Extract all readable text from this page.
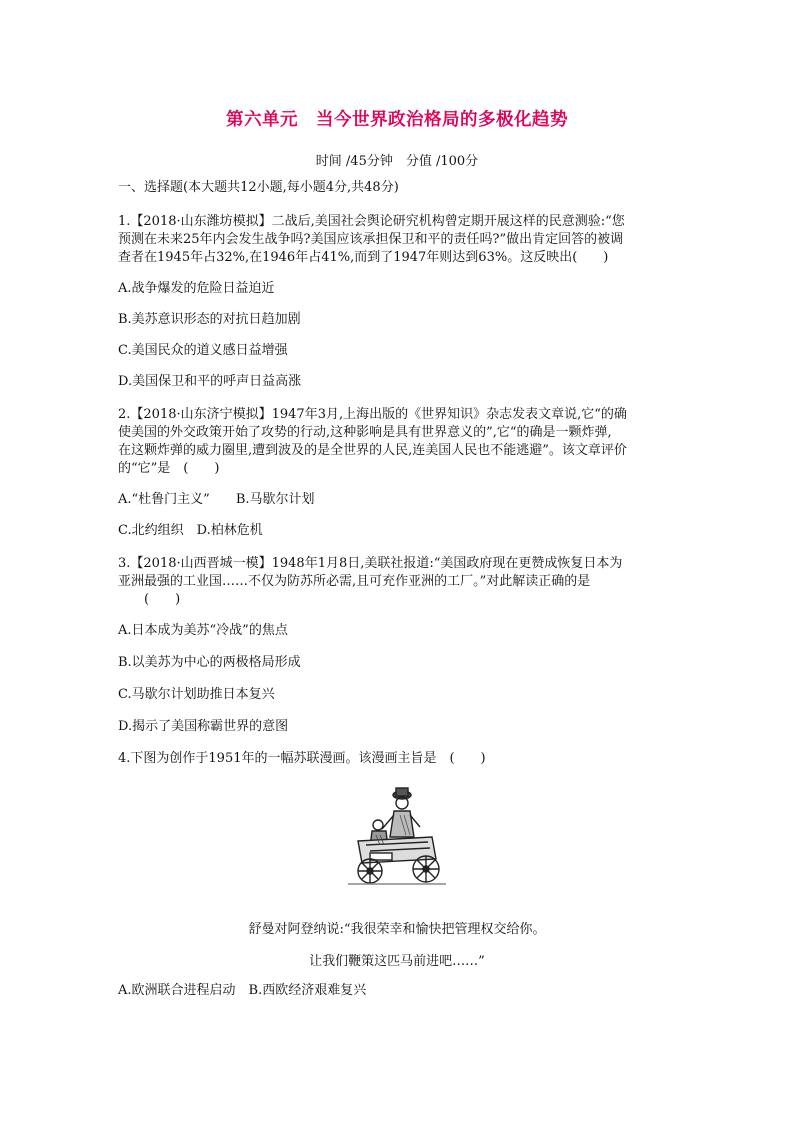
第六单元　当今世界政治格局的多极化趋势
时间 /45分钟　分值 /100分
一、选择题(本大题共12小题,每小题4分,共48分)
1.【2018·山东潍坊模拟】二战后,美国社会舆论研究机构曾定期开展这样的民意测验:“您
预测在未来25年内会发生战争吗?美国应该承担保卫和平的责任吗?”做出肯定回答的被调
查者在1945年占32%,在1946年占41%,而到了1947年则达到63%。这反映出(　　)
A.战争爆发的危险日益迫近
B.美苏意识形态的对抗日趋加剧
C.美国民众的道义感日益增强
D.美国保卫和平的呼声日益高涨
2.【2018·山东济宁模拟】1947年3月,上海出版的《世界知识》杂志发表文章说,它“的确
使美国的外交政策开始了攻势的行动,这种影响是具有世界意义的”,它“的确是一颗炸弹,
在这颗炸弹的威力圈里,遭到波及的是全世界的人民,连美国人民也不能逃避”。该文章评价
的“它”是　(　　)
A.“杜鲁门主义”　　B.马歇尔计划
C.北约组织　D.柏林危机
3.【2018·山西晋城一模】1948年1月8日,美联社报道:“美国政府现在更赞成恢复日本为
亚洲最强的工业国……不仅为防苏所必需,且可充作亚洲的工厂。”对此解读正确的是
　　(　　)
A.日本成为美苏“冷战”的焦点
B.以美苏为中心的两极格局形成
C.马歇尔计划助推日本复兴
D.揭示了美国称霸世界的意图
4.下图为创作于1951年的一幅苏联漫画。该漫画主旨是　(　　)
舒曼对阿登纳说:“我很荣幸和愉快把管理权交给你。
让我们鞭策这匹马前进吧……”
A.欧洲联合进程启动　B.西欧经济艰难复兴
